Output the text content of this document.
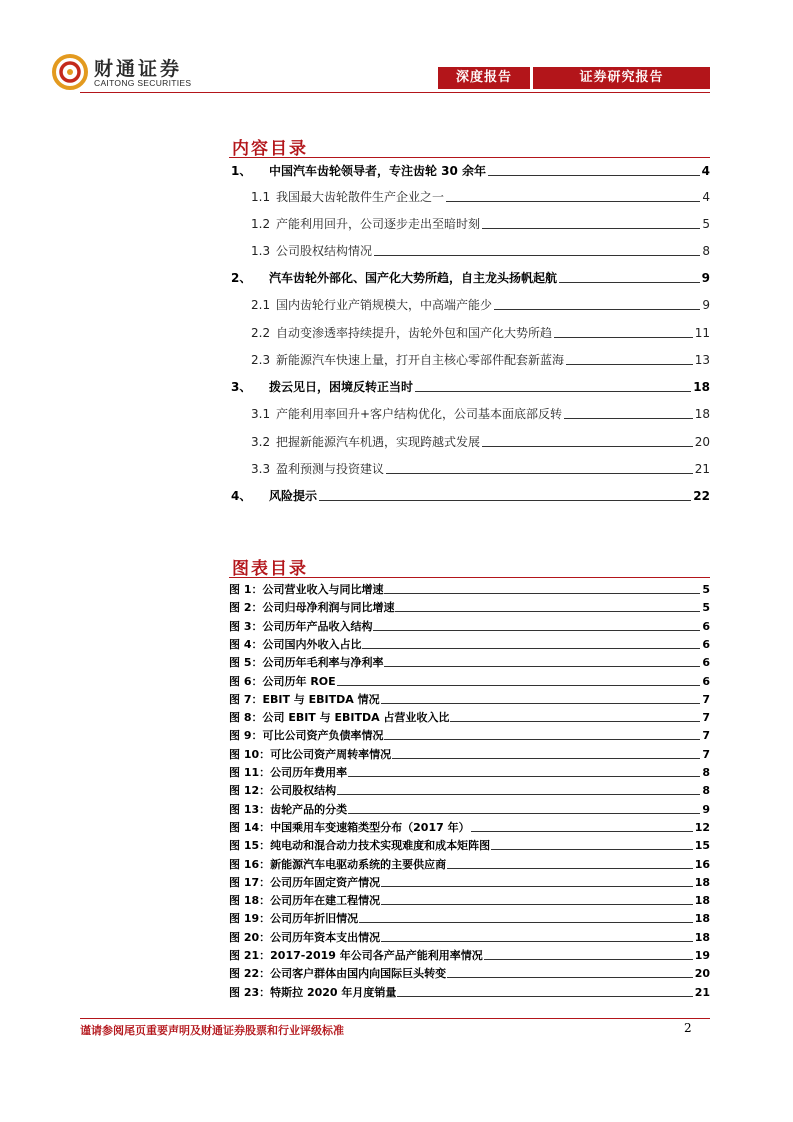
财通证券
CAITONG SECURITIES	深度报告	证券研究报告
内容目录
1、	中国汽车齿轮领导者，专注齿轮 30 余年	4
1.1 我国最大齿轮散件生产企业之一	4
1.2 产能利用回升，公司逐步走出至暗时刻	5
1.3 公司股权结构情况	8
2、	汽车齿轮外部化、国产化大势所趋，自主龙头扬帆起航	9
2.1 国内齿轮行业产销规模大，中高端产能少	9
2.2 自动变渗透率持续提升，齿轮外包和国产化大势所趋	11
2.3 新能源汽车快速上量，打开自主核心零部件配套新蓝海	13
3、	拨云见日，困境反转正当时	18
3.1 产能利用率回升+客户结构优化，公司基本面底部反转	18
3.2 把握新能源汽车机遇，实现跨越式发展	20
3.3 盈利预测与投资建议	21
4、	风险提示	22
图表目录
图 1：公司营业收入与同比增速	5
图 2：公司归母净利润与同比增速	5
图 3：公司历年产品收入结构	6
图 4：公司国内外收入占比	6
图 5：公司历年毛利率与净利率	6
图 6：公司历年 ROE	6
图 7：EBIT 与 EBITDA 情况	7
图 8：公司 EBIT 与 EBITDA 占营业收入比	7
图 9：可比公司资产负债率情况	7
图 10：可比公司资产周转率情况	7
图 11：公司历年费用率	8
图 12：公司股权结构	8
图 13：齿轮产品的分类	9
图 14：中国乘用车变速箱类型分布（2017 年）	12
图 15：纯电动和混合动力技术实现难度和成本矩阵图	15
图 16：新能源汽车电驱动系统的主要供应商	16
图 17：公司历年固定资产情况	18
图 18：公司历年在建工程情况	18
图 19：公司历年折旧情况	18
图 20：公司历年资本支出情况	18
图 21：2017-2019 年公司各产品产能利用率情况	19
图 22：公司客户群体由国内向国际巨头转变	20
图 23：特斯拉 2020 年月度销量	21
谨请参阅尾页重要声明及财通证券股票和行业评级标准	2
